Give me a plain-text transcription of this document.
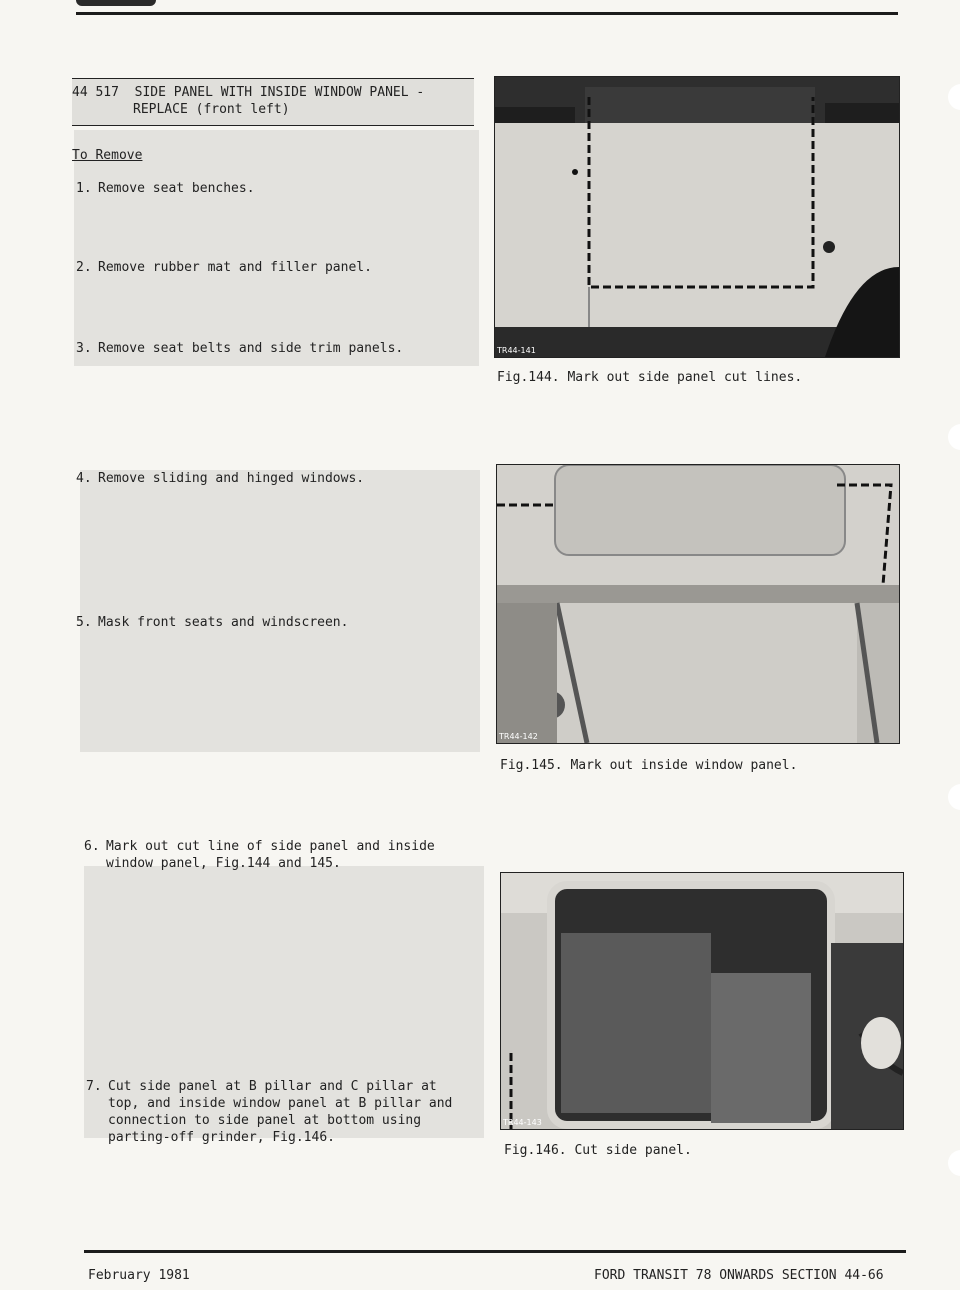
44 517 SIDE PANEL WITH INSIDE WINDOW PANEL -
REPLACE (front left)
To Remove
1. Remove seat benches.
2. Remove rubber mat and filler panel.
3. Remove seat belts and side trim panels.
4. Remove sliding and hinged windows.
5. Mask front seats and windscreen.
6. Mark out cut line of side panel and inside
window panel, Fig.144 and 145.
7. Cut side panel at B pillar and C pillar at
top, and inside window panel at B pillar and
connection to side panel at bottom using
parting-off grinder, Fig.146.
TR44-141
Fig.144. Mark out side panel cut lines.
TR44-142
Fig.145. Mark out inside window panel.
TR44-143
Fig.146. Cut side panel.
February 1981	FORD TRANSIT 78 ONWARDS SECTION 44-66
